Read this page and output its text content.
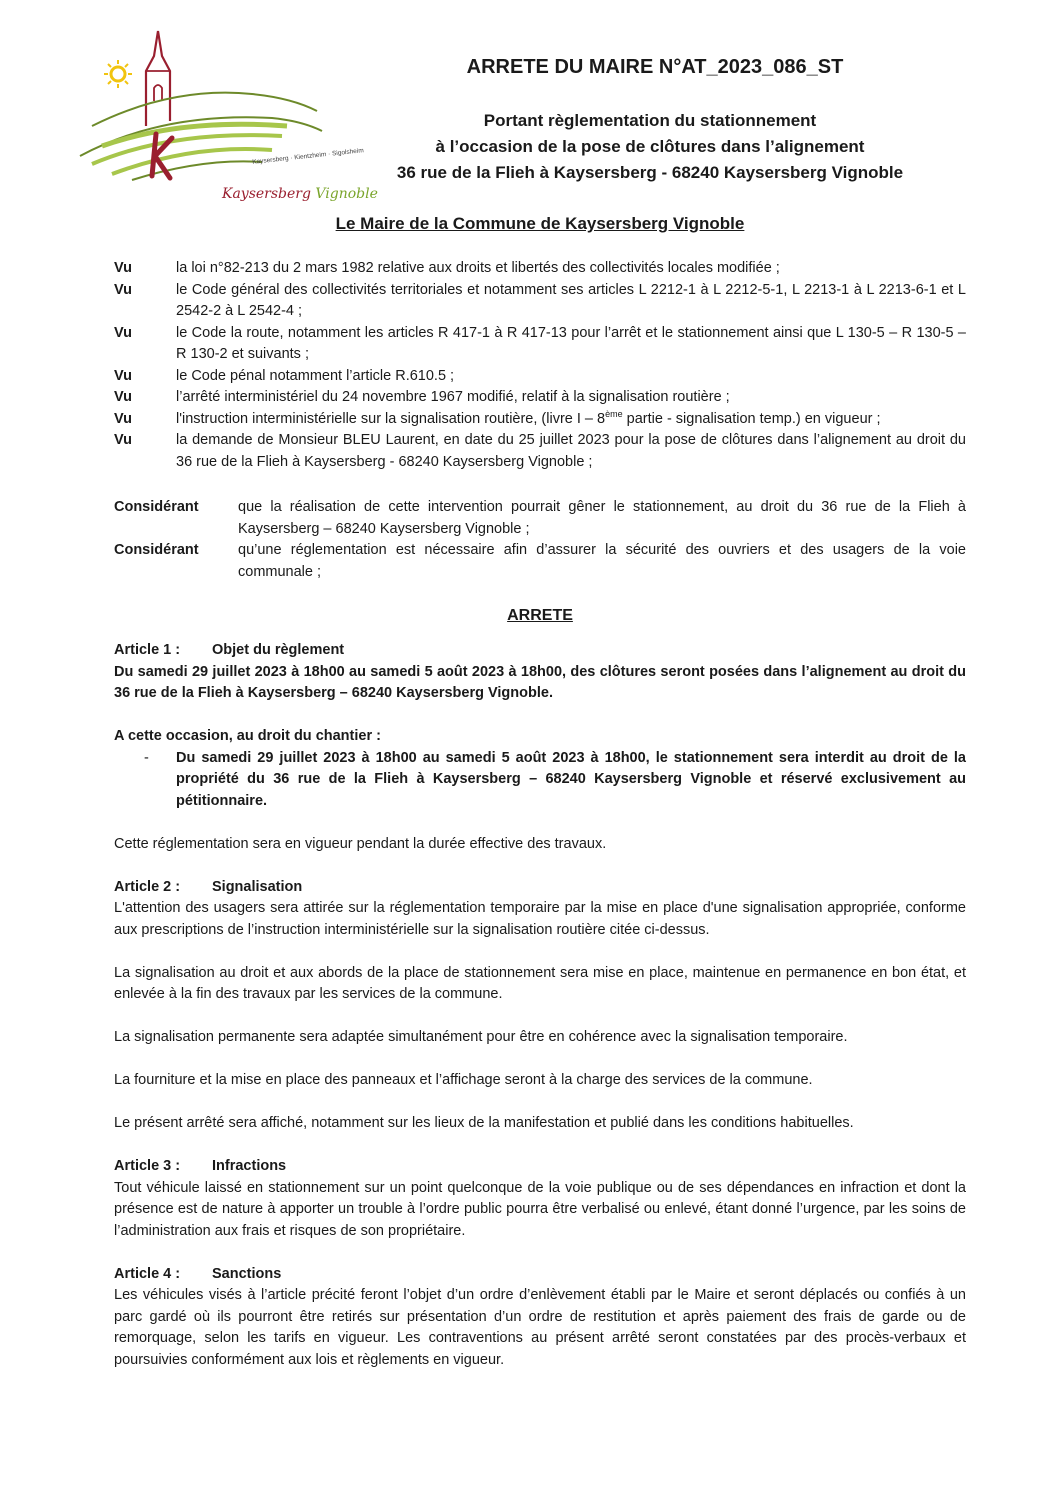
Kaysersberg · Kientzheim · Sigolsheim
Kaysersberg Vignoble
ARRETE DU MAIRE N°AT_2023_086_ST
Portant règlementation du stationnement
à l’occasion de la pose de clôtures dans l’alignement
36 rue de la Flieh à Kaysersberg - 68240 Kaysersberg Vignoble
Le Maire de la Commune de Kaysersberg Vignoble
Vu	la loi n°82-213 du 2 mars 1982 relative aux droits et libertés des collectivités locales modifiée ;
Vu	le Code général des collectivités territoriales et notamment ses articles L 2212-1 à L 2212-5-1, L 2213-1 à L 2213-6-1 et L 2542-2 à L 2542-4 ;
Vu	le Code la route, notamment les articles R 417-1 à R 417-13 pour l’arrêt et le stationnement ainsi que L 130-5 – R 130-5 – R 130-2 et suivants ;
Vu	le Code pénal notamment l’article R.610.5 ;
Vu	l’arrêté interministériel du 24 novembre 1967 modifié, relatif à la signalisation routière ;
Vu	l'instruction interministérielle sur la signalisation routière, (livre I – 8ème partie - signalisation temp.) en vigueur ;
Vu	la demande de Monsieur BLEU Laurent, en date du 25 juillet 2023 pour la pose de clôtures dans l’alignement au droit du 36 rue de la Flieh à Kaysersberg - 68240 Kaysersberg Vignoble ;
Considérant	que la réalisation de cette intervention pourrait gêner le stationnement, au droit du 36 rue de la Flieh à Kaysersberg – 68240 Kaysersberg Vignoble ;
Considérant	qu’une réglementation est nécessaire afin d’assurer la sécurité des ouvriers et des usagers de la voie communale ;
ARRETE
Article 1 : Objet du règlement

Du samedi 29 juillet 2023 à 18h00 au samedi 5 août 2023 à 18h00, des clôtures seront posées dans l’alignement au droit du 36 rue de la Flieh à Kaysersberg – 68240 Kaysersberg Vignoble.

A cette occasion, au droit du chantier :
-	Du samedi 29 juillet 2023 à 18h00 au samedi 5 août 2023 à 18h00, le stationnement sera interdit au droit de la propriété du 36 rue de la Flieh à Kaysersberg – 68240 Kaysersberg Vignoble et réservé exclusivement au pétitionnaire.

Cette réglementation sera en vigueur pendant la durée effective des travaux.

Article 2 : Signalisation

L'attention des usagers sera attirée sur la réglementation temporaire par la mise en place d'une signalisation appropriée, conforme aux prescriptions de l’instruction interministérielle sur la signalisation routière citée ci-dessus.

La signalisation au droit et aux abords de la place de stationnement sera mise en place, maintenue en permanence en bon état, et enlevée à la fin des travaux par les services de la commune.

La signalisation permanente sera adaptée simultanément pour être en cohérence avec la signalisation temporaire.

La fourniture et la mise en place des panneaux et l’affichage seront à la charge des services de la commune.

Le présent arrêté sera affiché, notamment sur les lieux de la manifestation et publié dans les conditions habituelles.

Article 3 : Infractions

Tout véhicule laissé en stationnement sur un point quelconque de la voie publique ou de ses dépendances en infraction et dont la présence est de nature à apporter un trouble à l’ordre public pourra être verbalisé ou enlevé, étant donné l’urgence, par les soins de l’administration aux frais et risques de son propriétaire.

Article 4 : Sanctions

Les véhicules visés à l’article précité feront l’objet d’un ordre d’enlèvement établi par le Maire et seront déplacés ou confiés à un parc gardé où ils pourront être retirés sur présentation d’un ordre de restitution et après paiement des frais de garde ou de remorquage, selon les tarifs en vigueur. Les contraventions au présent arrêté seront constatées par des procès-verbaux et poursuivies conformément aux lois et règlements en vigueur.
